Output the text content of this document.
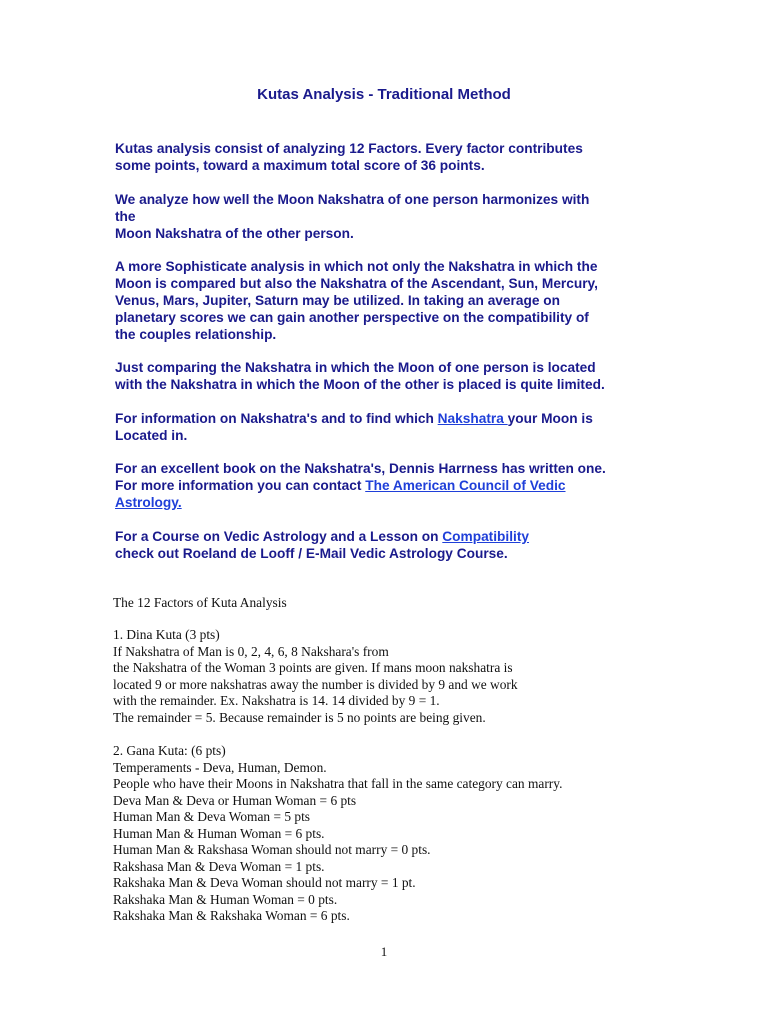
Kutas Analysis - Traditional Method
Kutas analysis consist of analyzing 12 Factors. Every factor contributes
some points, toward a maximum total score of 36 points.
We analyze how well the Moon Nakshatra of one person harmonizes with
the
Moon Nakshatra of the other person.
A more Sophisticate analysis in which not only the Nakshatra in which the
Moon is compared but also the Nakshatra of the Ascendant, Sun, Mercury,
Venus, Mars, Jupiter, Saturn may be utilized. In taking an average on
planetary scores we can gain another perspective on the compatibility of
the couples relationship.
Just comparing the Nakshatra in which the Moon of one person is located
with the Nakshatra in which the Moon of the other is placed is quite limited.
For information on Nakshatra's and to find which Nakshatra your Moon is
Located in.
For an excellent book on the Nakshatra's, Dennis Harrness has written one.
For more information you can contact The American Council of Vedic
Astrology.
For a Course on Vedic Astrology and a Lesson on Compatibility
check out Roeland de Looff / E-Mail Vedic Astrology Course.
The 12 Factors of Kuta Analysis
1. Dina Kuta (3 pts)
If Nakshatra of Man is 0, 2, 4, 6, 8 Nakshara's from
the Nakshatra of the Woman 3 points are given. If mans moon nakshatra is
located 9 or more nakshatras away the number is divided by 9 and we work
with the remainder. Ex. Nakshatra is 14. 14 divided by 9 = 1.
The remainder = 5. Because remainder is 5 no points are being given.
2. Gana Kuta: (6 pts)
Temperaments - Deva, Human, Demon.
People who have their Moons in Nakshatra that fall in the same category can marry.
Deva Man & Deva or Human Woman = 6 pts
Human Man & Deva Woman = 5 pts
Human Man & Human Woman = 6 pts.
Human Man & Rakshasa Woman should not marry = 0 pts.
Rakshasa Man & Deva Woman = 1 pts.
Rakshaka Man & Deva Woman should not marry = 1 pt.
Rakshaka Man & Human Woman = 0 pts.
Rakshaka Man & Rakshaka Woman = 6 pts.
1
